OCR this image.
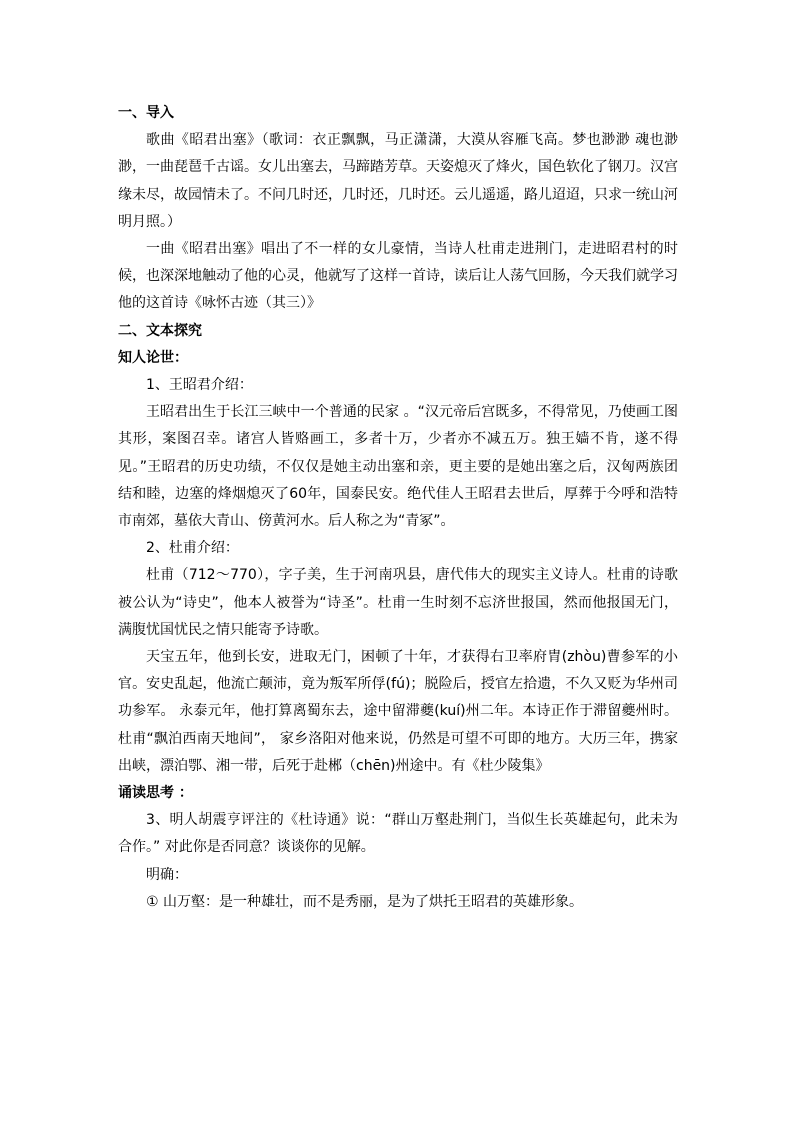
一、导入

歌曲《昭君出塞》（歌词：衣正飘飘，马正潇潇，大漠从容雁飞高。梦也渺渺 魂也渺渺，一曲琵琶千古谣。女儿出塞去，马蹄踏芳草。天姿熄灭了烽火，国色软化了钢刀。汉宫缘未尽，故园情未了。不问几时还，几时还，几时还。云儿遥遥，路儿迢迢，只求一统山河明月照。）

一曲《昭君出塞》唱出了不一样的女儿豪情，当诗人杜甫走进荆门，走进昭君村的时候，也深深地触动了他的心灵，他就写了这样一首诗，读后让人荡气回肠，今天我们就学习他的这首诗《咏怀古迹（其三）》

二、文本探究

知人论世：

1、王昭君介绍：

王昭君出生于长江三峡中一个普通的民家 。“汉元帝后宫既多，不得常见，乃使画工图其形，案图召幸。诸宫人皆赂画工，多者十万，少者亦不减五万。独王嫱不肯，遂不得见。”王昭君的历史功绩，不仅仅是她主动出塞和亲，更主要的是她出塞之后，汉匈两族团结和睦，边塞的烽烟熄灭了60年，国泰民安。绝代佳人王昭君去世后，厚葬于今呼和浩特市南郊，墓依大青山、傍黄河水。后人称之为“青冢”。

2、杜甫介绍：

杜甫（712～770），字子美，生于河南巩县，唐代伟大的现实主义诗人。杜甫的诗歌被公认为“诗史”，他本人被誉为“诗圣”。杜甫一生时刻不忘济世报国，然而他报国无门，满腹忧国忧民之情只能寄予诗歌。

天宝五年，他到长安，进取无门，困顿了十年，才获得右卫率府胄(zhòu)曹参军的小官。安史乱起，他流亡颠沛，竟为叛军所俘(fú)；脱险后，授官左拾遗，不久又贬为华州司功参军。 永泰元年，他打算离蜀东去，途中留滞夔(kuí)州二年。本诗正作于滞留夔州时。杜甫“飘泊西南天地间”， 家乡洛阳对他来说，仍然是可望不可即的地方。大历三年，携家出峡，漂泊鄂、湘一带，后死于赴郴（chēn)州途中。有《杜少陵集》

诵读思考 ：

3、明人胡震亨评注的《杜诗通》说：“群山万壑赴荆门，当似生长英雄起句，此未为合作。” 对此你是否同意？谈谈你的见解。

明确：

① 山万壑：是一种雄壮，而不是秀丽，是为了烘托王昭君的英雄形象。
